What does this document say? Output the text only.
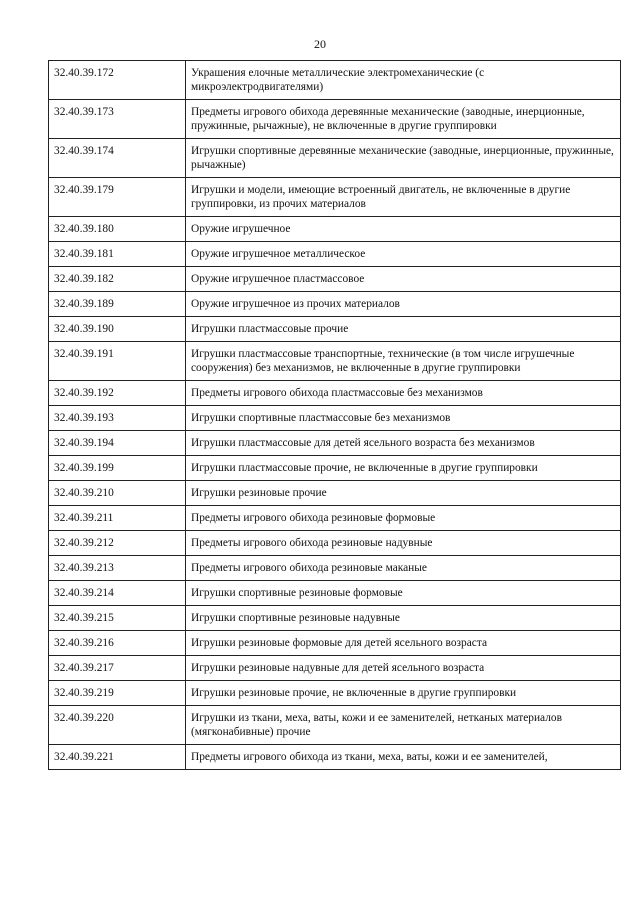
20
32.40.39.172	Украшения елочные металлические электромеханические (с микроэлектродвигателями)
32.40.39.173	Предметы игрового обихода деревянные механические (заводные, инерционные, пружинные, рычажные), не включенные в другие группировки
32.40.39.174	Игрушки спортивные деревянные механические (заводные, инерционные, пружинные, рычажные)
32.40.39.179	Игрушки и модели, имеющие встроенный двигатель, не включенные в другие группировки, из прочих материалов
32.40.39.180	Оружие игрушечное
32.40.39.181	Оружие игрушечное металлическое
32.40.39.182	Оружие игрушечное пластмассовое
32.40.39.189	Оружие игрушечное из прочих материалов
32.40.39.190	Игрушки пластмассовые прочие
32.40.39.191	Игрушки пластмассовые транспортные, технические (в том числе игрушечные сооружения) без механизмов, не включенные в другие группировки
32.40.39.192	Предметы игрового обихода пластмассовые без механизмов
32.40.39.193	Игрушки спортивные пластмассовые без механизмов
32.40.39.194	Игрушки пластмассовые для детей ясельного возраста без механизмов
32.40.39.199	Игрушки пластмассовые прочие, не включенные в другие группировки
32.40.39.210	Игрушки резиновые прочие
32.40.39.211	Предметы игрового обихода резиновые формовые
32.40.39.212	Предметы игрового обихода резиновые надувные
32.40.39.213	Предметы игрового обихода резиновые маканые
32.40.39.214	Игрушки спортивные резиновые формовые
32.40.39.215	Игрушки спортивные резиновые надувные
32.40.39.216	Игрушки резиновые формовые для детей ясельного возраста
32.40.39.217	Игрушки резиновые надувные для детей ясельного возраста
32.40.39.219	Игрушки резиновые прочие, не включенные в другие группировки
32.40.39.220	Игрушки из ткани, меха, ваты, кожи и ее заменителей, нетканых материалов (мягконабивные) прочие
32.40.39.221	Предметы игрового обихода из ткани, меха, ваты, кожи и ее заменителей,
